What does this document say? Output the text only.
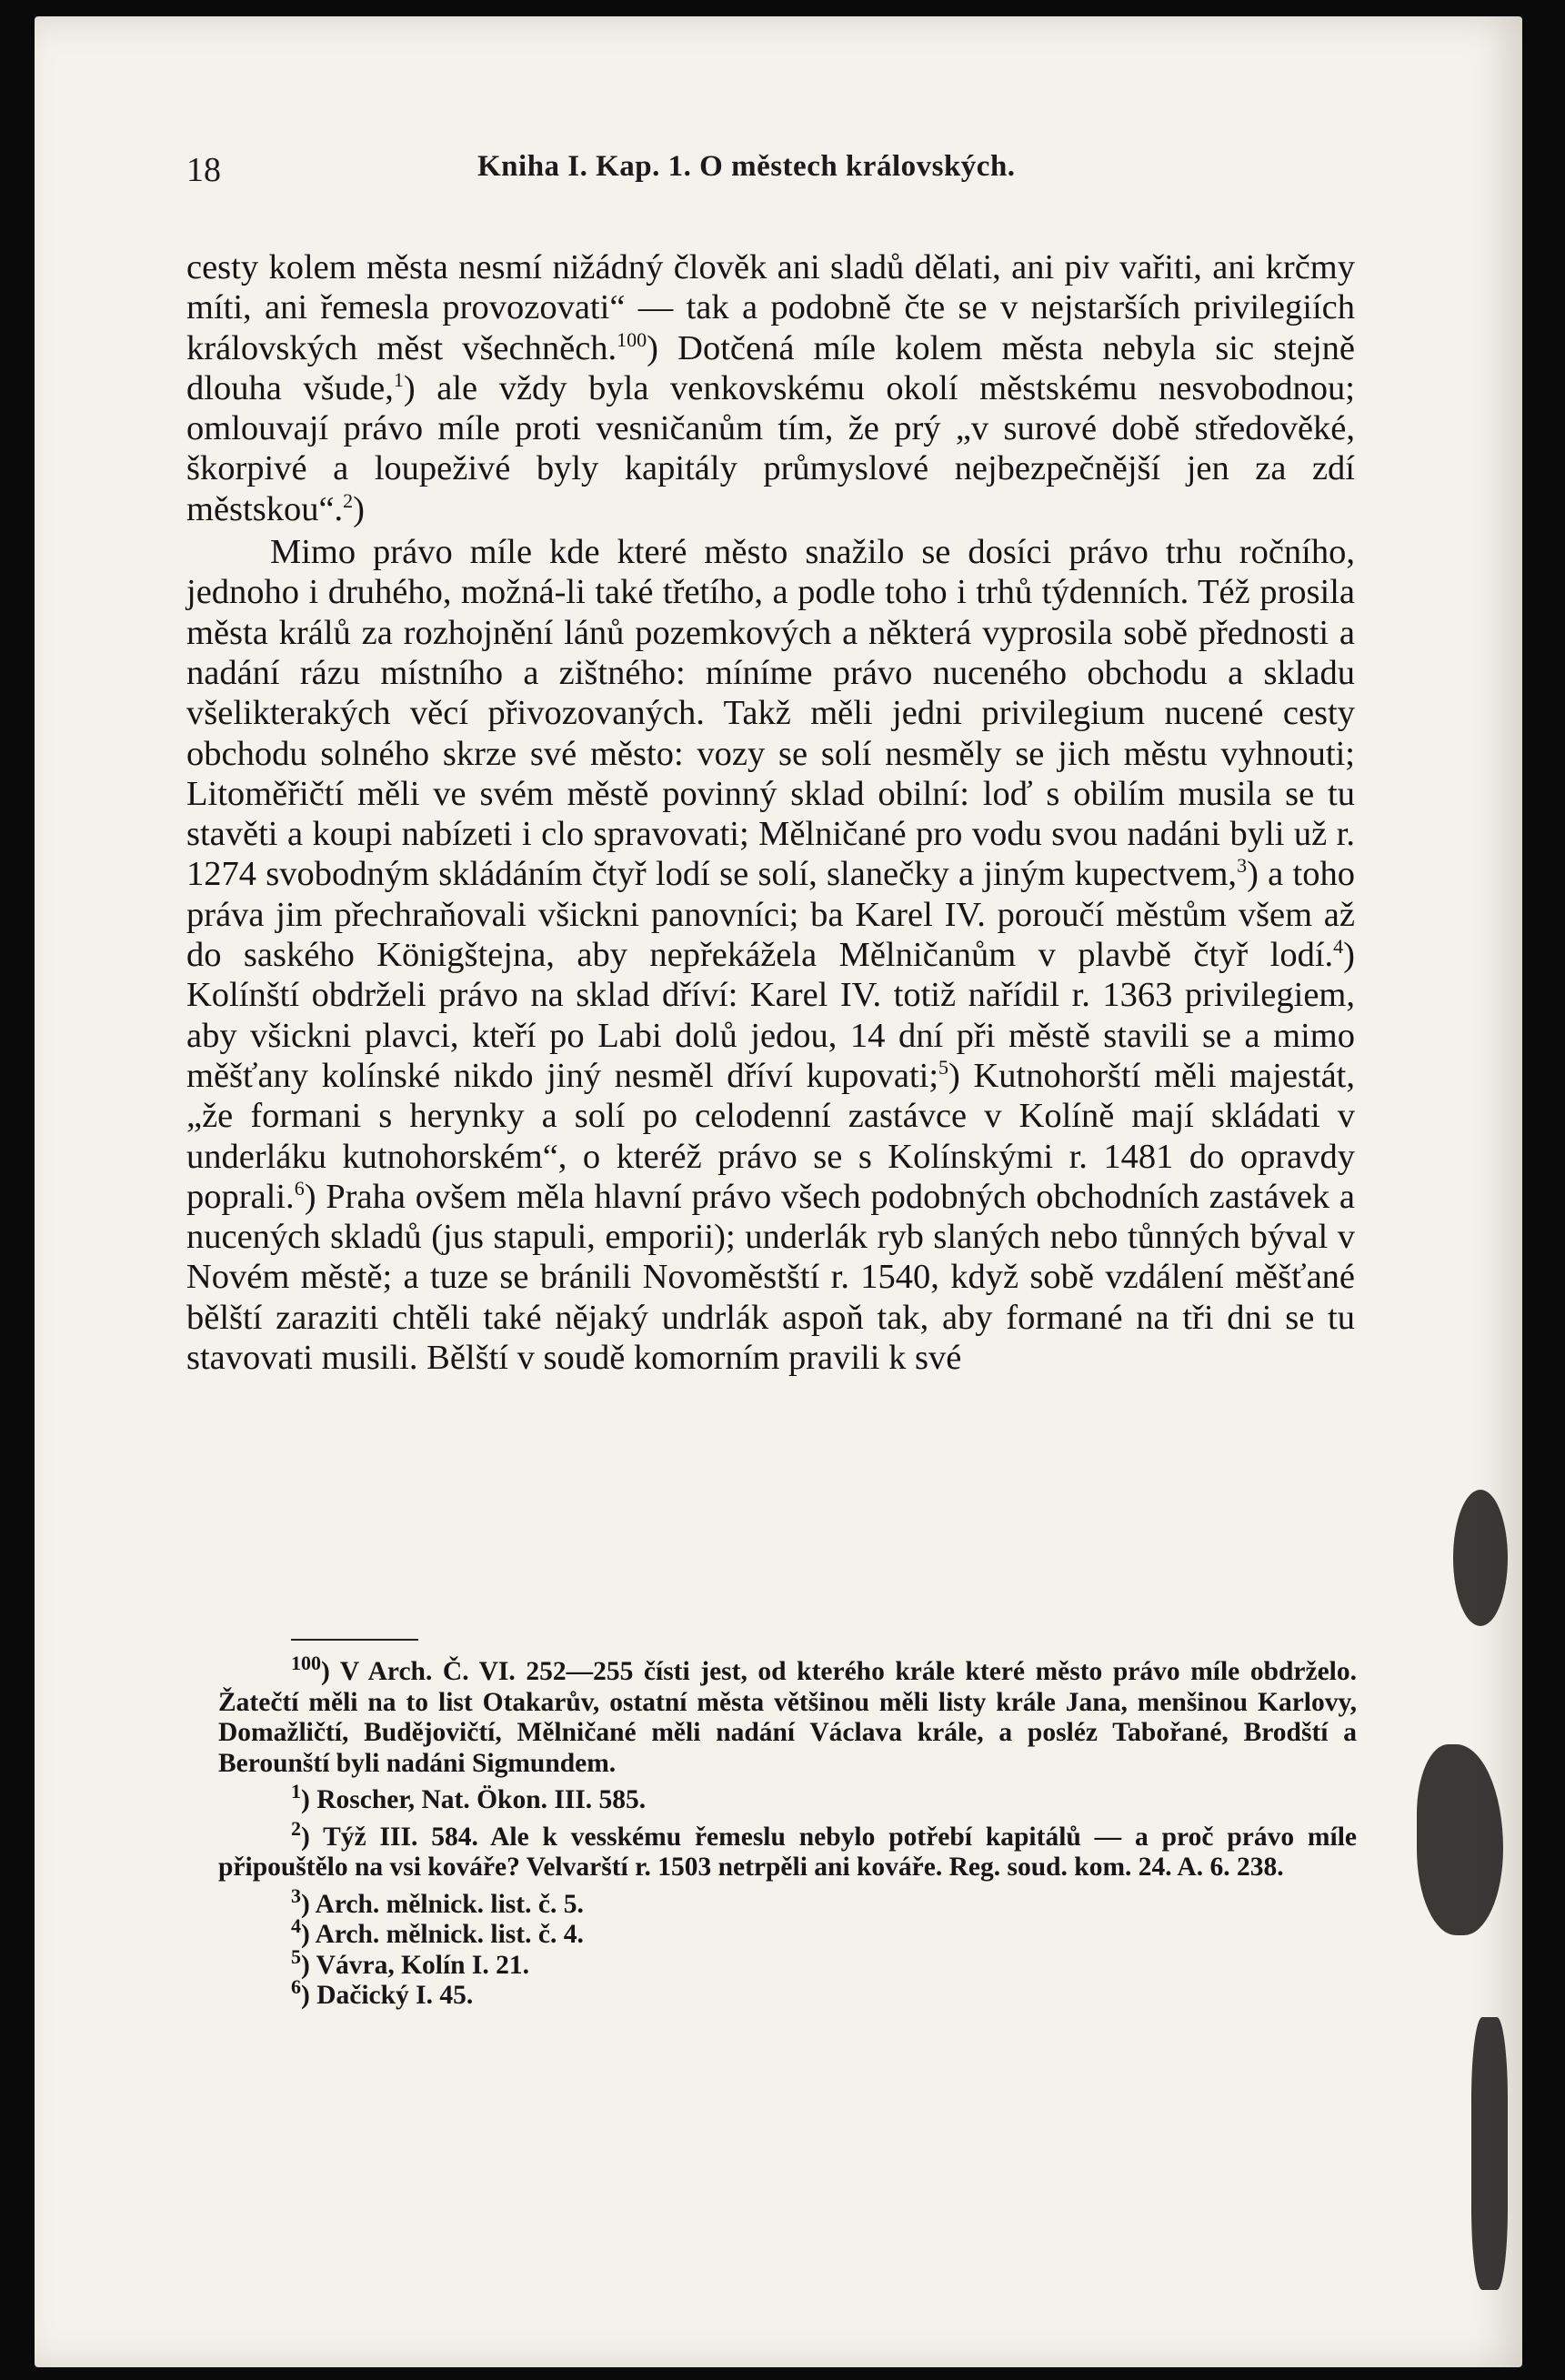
18	Kniha I. Kap. 1. O městech královských.

cesty kolem města nesmí nižádný člověk ani sladů dělati, ani piv vařiti, ani krčmy míti, ani řemesla provozovati“ — tak a podobně čte se v nejstarších privilegiích královských měst všechněch.$^{100}$) Dotčená míle kolem města nebyla sic stejně dlouha všude,$^1$) ale vždy byla venkovskému okolí městskému nesvobodnou; omlouvají právo míle proti vesničanům tím, že prý „v surové době středověké, škorpivé a loupeživé byly kapitály průmyslové nejbezpečnější jen za zdí městskou“.$^2$)

Mimo právo míle kde které město snažilo se dosíci právo trhu ročního, jednoho i druhého, možná-li také třetího, a podle toho i trhů týdenních. Též prosila města králů za rozhojnění lánů pozemkových a některá vyprosila sobě přednosti a nadání rázu místního a zištného: míníme právo nuceného obchodu a skladu všelikterakých věcí přivozovaných. Takž měli jedni privilegium nucené cesty obchodu solného skrze své město: vozy se solí nesměly se jich městu vyhnouti; Litoměřičtí měli ve svém městě povinný sklad obilní: loď s obilím musila se tu stavěti a koupi nabízeti i clo spravovati; Mělničané pro vodu svou nadáni byli už r. 1274 svobodným skládáním čtyř lodí se solí, slanečky a jiným kupectvem,$^3$) a toho práva jim přechraňovali všickni panovníci; ba Karel IV. poroučí městům všem až do saského Königštejna, aby nepřekážela Mělničanům v plavbě čtyř lodí.$^4$) Kolínští obdrželi právo na sklad dříví: Karel IV. totiž nařídil r. 1363 privilegiem, aby všickni plavci, kteří po Labi dolů jedou, 14 dní při městě stavili se a mimo měšťany kolínské nikdo jiný nesměl dříví kupovati;$^5$) Kutnohorští měli majestát, „že formani s herynky a solí po celodenní zastávce v Kolíně mají skládati v underláku kutnohorském“, o kteréž právo se s Kolínskými r. 1481 do opravdy poprali.$^6$) Praha ovšem měla hlavní právo všech podobných obchodních zastávek a nucených skladů (jus stapuli, emporii); underlák ryb slaných nebo tůnných býval v Novém městě; a tuze se bránili Novoměstští r. 1540, když sobě vzdálení měšťané bělští zaraziti chtěli také nějaký undrlák aspoň tak, aby formané na tři dni se tu stavovati musili. Bělští v soudě komorním pravili k své

$^{100}$) V Arch. Č. VI. 252—255 čísti jest, od kterého krále které město právo míle obdrželo. Žatečtí měli na to list Otakarův, ostatní města většinou měli listy krále Jana, menšinou Karlovy, Domažličtí, Budějovičtí, Mělničané měli nadání Václava krále, a posléz Tabořané, Brodští a Berounští byli nadáni Sigmundem.

$^1$) Roscher, Nat. Ökon. III. 585.

$^2$) Týž III. 584. Ale k vesskému řemeslu nebylo potřebí kapitálů — a proč právo míle připouštělo na vsi kováře? Velvarští r. 1503 netrpěli ani kováře. Reg. soud. kom. 24. A. 6. 238.

$^3$) Arch. mělnick. list. č. 5.

$^4$) Arch. mělnick. list. č. 4.

$^5$) Vávra, Kolín I. 21.

$^6$) Dačický I. 45.
